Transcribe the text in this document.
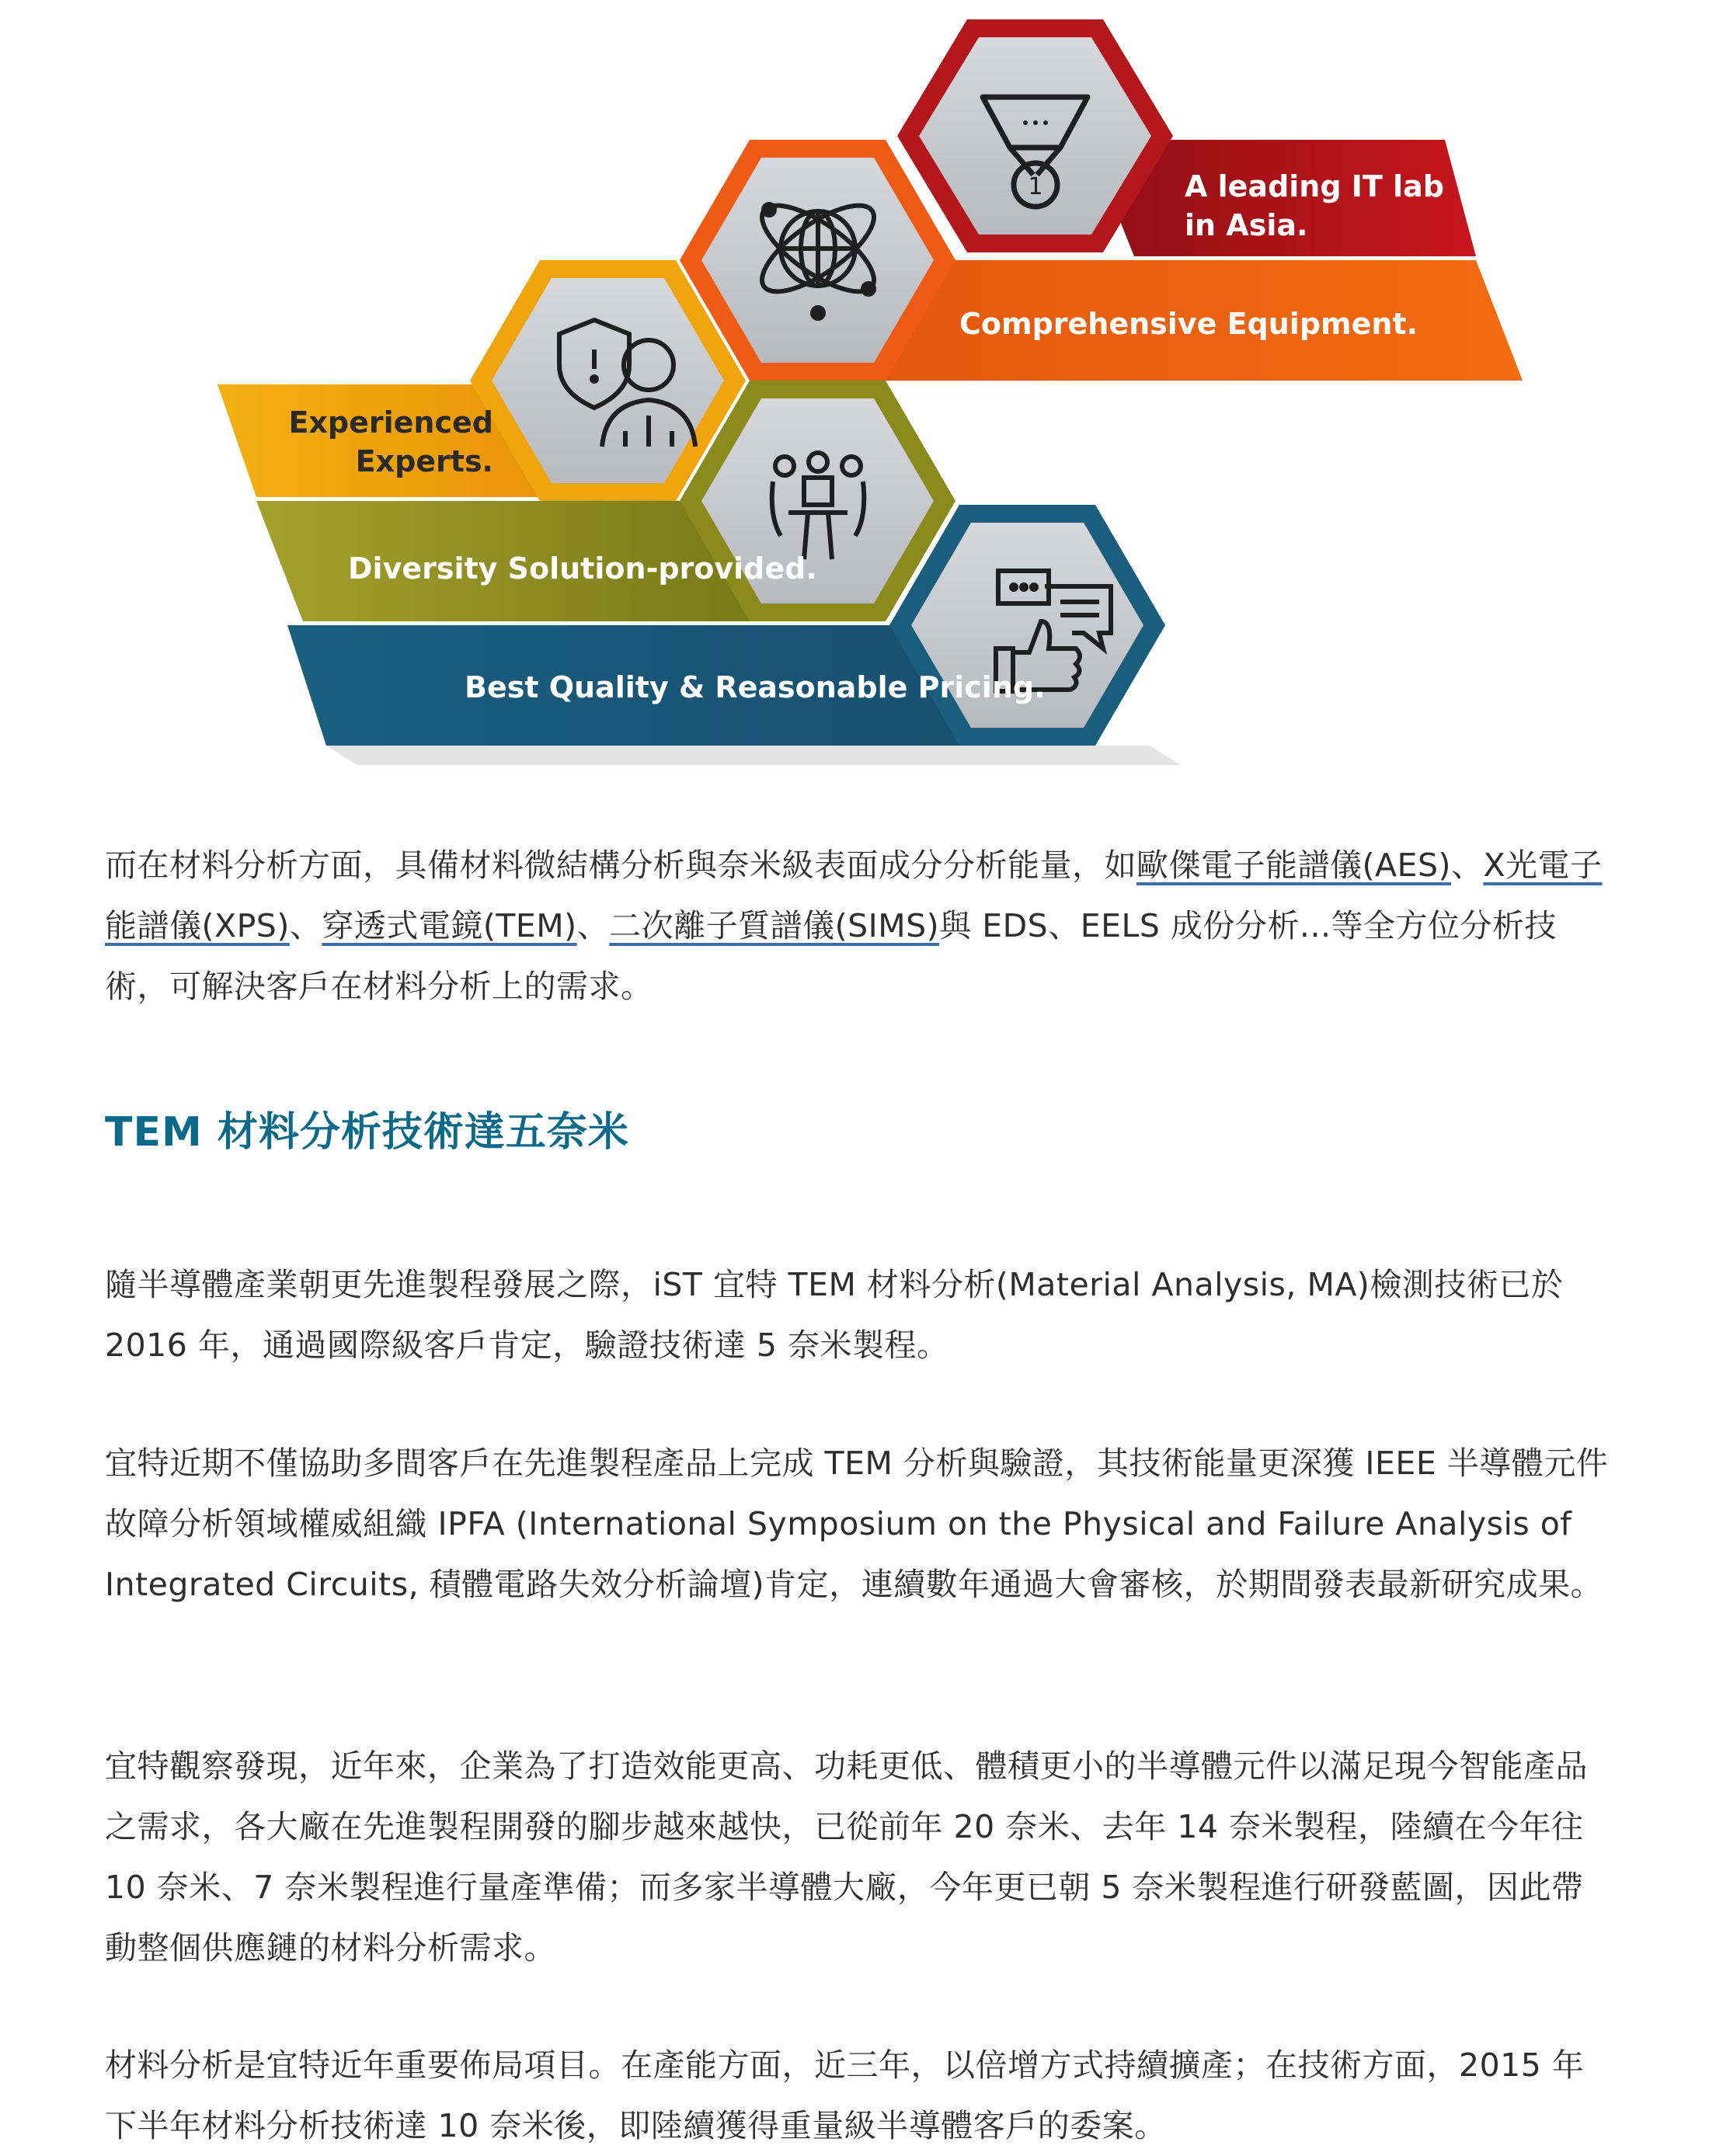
1	A leading IT lab
in Asia.
Comprehensive Equipment.
Experienced
Experts.
Diversity Solution-provided.
Best Quality & Reasonable Pricing.

而在材料分析方面，具備材料微結構分析與奈米級表面成分分析能量，如歐傑電子能譜儀(AES)、X光電子能譜儀(XPS)、穿透式電鏡(TEM)、二次離子質譜儀(SIMS)與 EDS、EELS 成份分析...等全方位分析技術，可解決客戶在材料分析上的需求。

TEM 材料分析技術達五奈米

隨半導體產業朝更先進製程發展之際，iST 宜特 TEM 材料分析(Material Analysis, MA)檢測技術已於 2016 年，通過國際級客戶肯定，驗證技術達 5 奈米製程。

宜特近期不僅協助多間客戶在先進製程產品上完成 TEM 分析與驗證，其技術能量更深獲 IEEE 半導體元件故障分析領域權威組織 IPFA (International Symposium on the Physical and Failure Analysis of Integrated Circuits, 積體電路失效分析論壇)肯定，連續數年通過大會審核，於期間發表最新研究成果。

宜特觀察發現，近年來，企業為了打造效能更高、功耗更低、體積更小的半導體元件以滿足現今智能產品之需求，各大廠在先進製程開發的腳步越來越快，已從前年 20 奈米、去年 14 奈米製程，陸續在今年往 10 奈米、7 奈米製程進行量產準備；而多家半導體大廠，今年更已朝 5 奈米製程進行研發藍圖，因此帶動整個供應鏈的材料分析需求。

材料分析是宜特近年重要佈局項目。在產能方面，近三年，以倍增方式持續擴產；在技術方面，2015 年下半年材料分析技術達 10 奈米後，即陸續獲得重量級半導體客戶的委案。
